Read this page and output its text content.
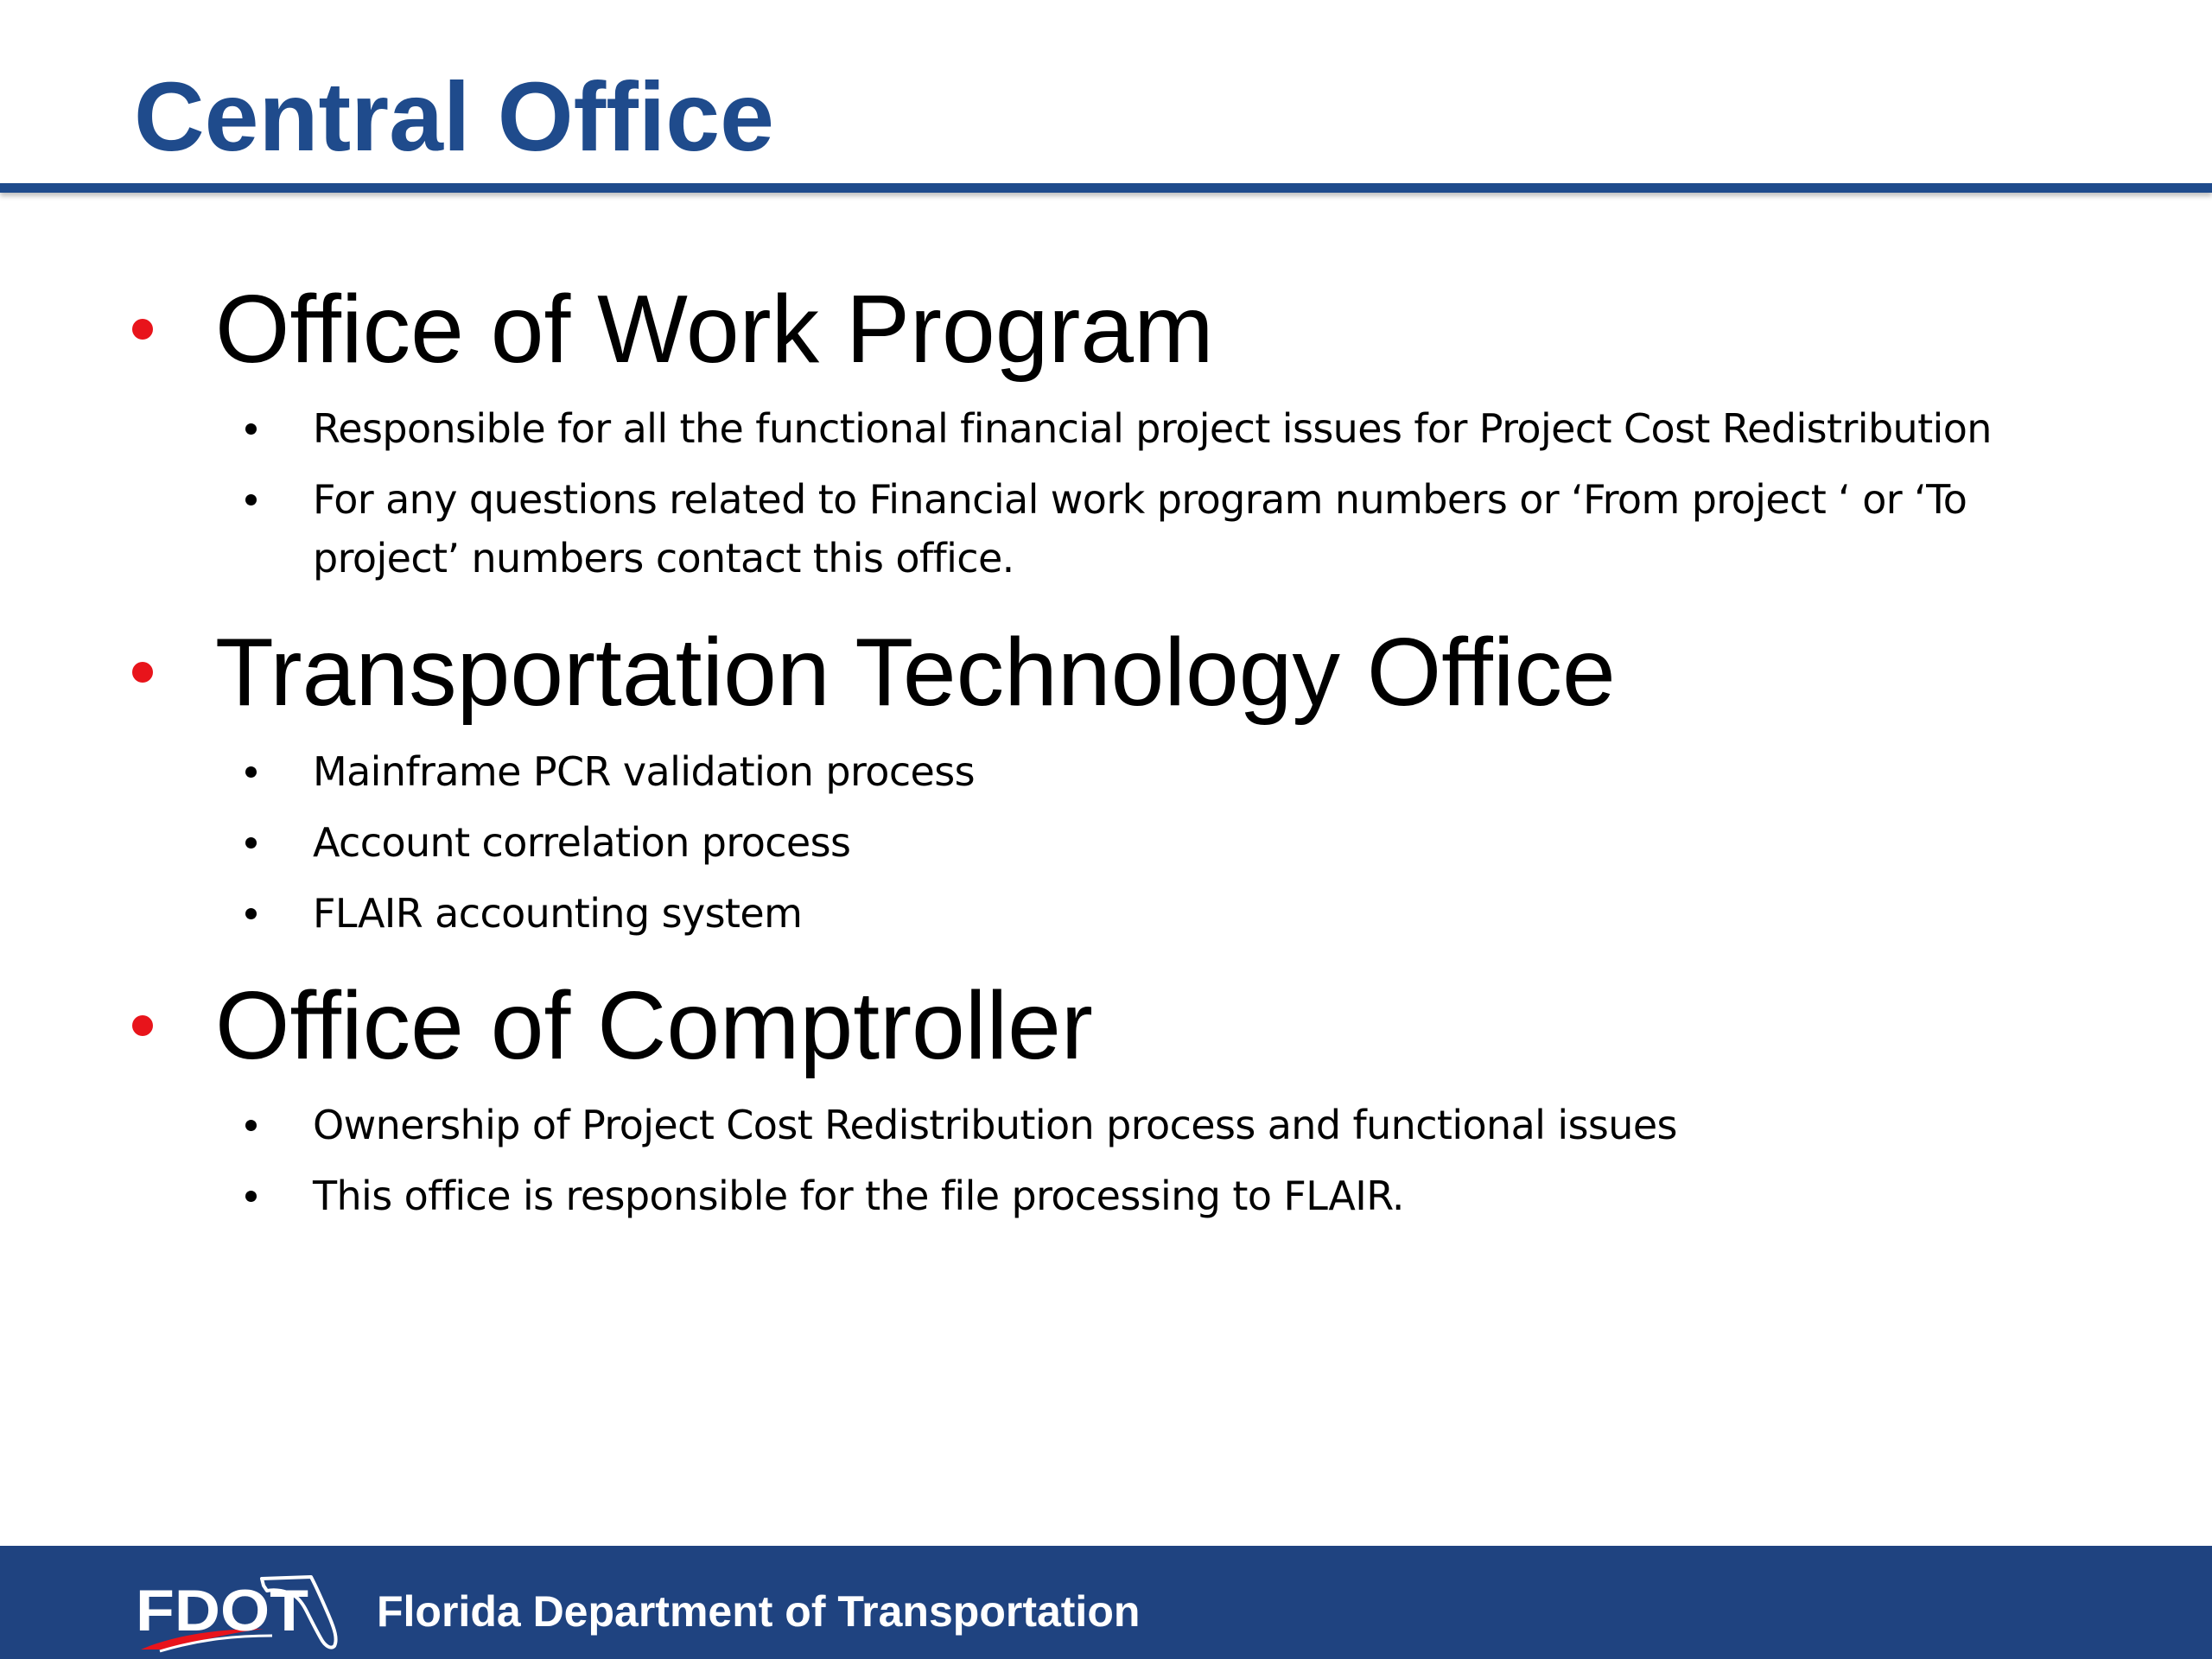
Central Office
Office of Work Program
Responsible for all the functional financial project issues for Project Cost Redistribution
For any questions related to Financial work program numbers or ‘From project ‘ or ‘To project’ numbers contact this office.
Transportation Technology Office
Mainframe PCR validation process
Account correlation process
FLAIR accounting system
Office of Comptroller
Ownership of Project Cost Redistribution process and functional issues
This office is responsible for the file processing to FLAIR.
FDOT Florida Department of Transportation
